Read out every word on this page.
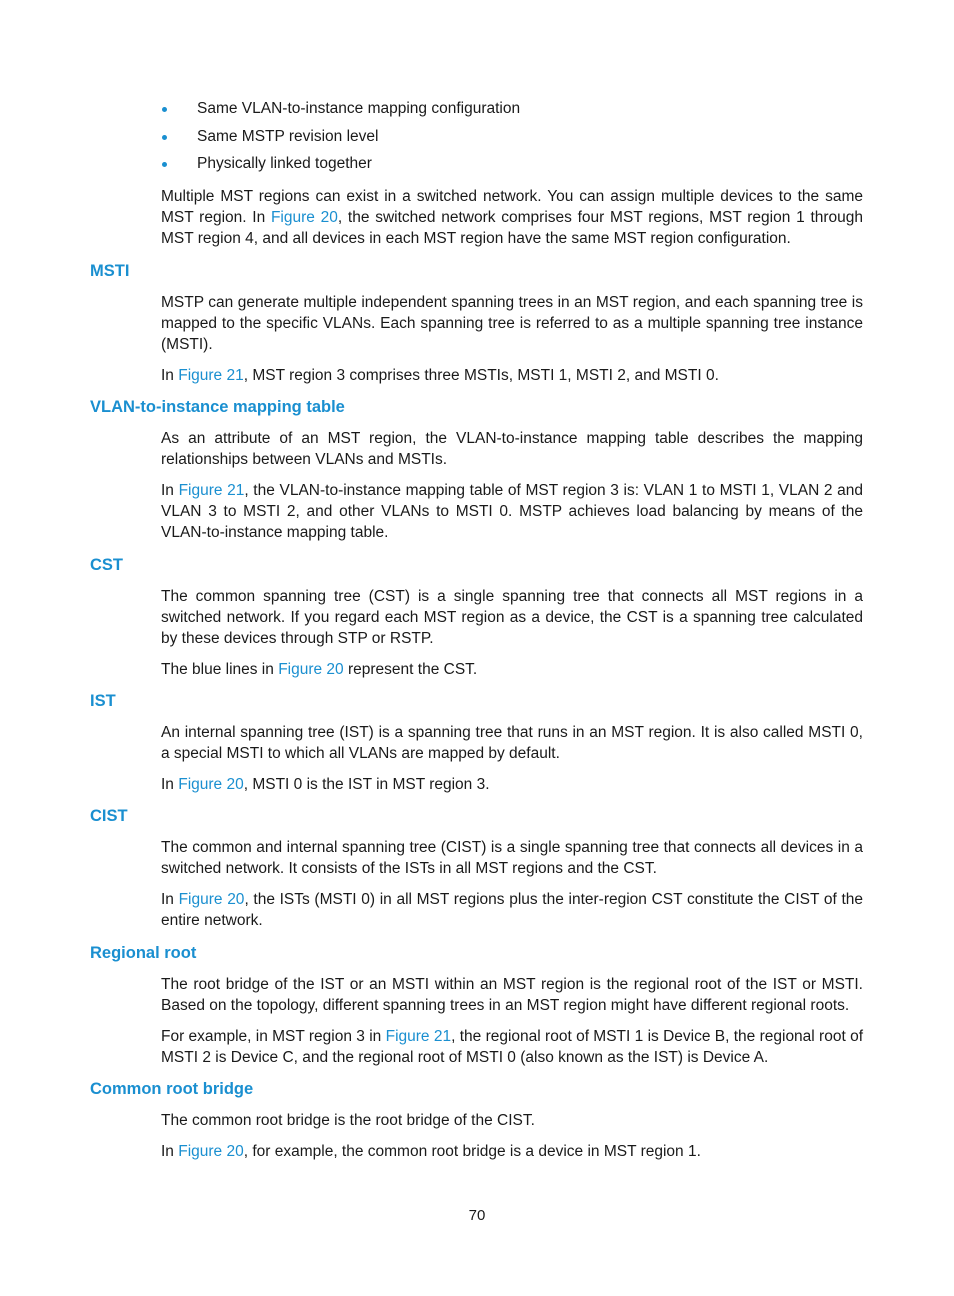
Same VLAN-to-instance mapping configuration
Same MSTP revision level
Physically linked together

Multiple MST regions can exist in a switched network. You can assign multiple devices to the same MST region. In Figure 20, the switched network comprises four MST regions, MST region 1 through MST region 4, and all devices in each MST region have the same MST region configuration.

MSTI

MSTP can generate multiple independent spanning trees in an MST region, and each spanning tree is mapped to the specific VLANs. Each spanning tree is referred to as a multiple spanning tree instance (MSTI).

In Figure 21, MST region 3 comprises three MSTIs, MSTI 1, MSTI 2, and MSTI 0.

VLAN-to-instance mapping table

As an attribute of an MST region, the VLAN-to-instance mapping table describes the mapping relationships between VLANs and MSTIs.

In Figure 21, the VLAN-to-instance mapping table of MST region 3 is: VLAN 1 to MSTI 1, VLAN 2 and VLAN 3 to MSTI 2, and other VLANs to MSTI 0. MSTP achieves load balancing by means of the VLAN-to-instance mapping table.

CST

The common spanning tree (CST) is a single spanning tree that connects all MST regions in a switched network. If you regard each MST region as a device, the CST is a spanning tree calculated by these devices through STP or RSTP.

The blue lines in Figure 20 represent the CST.

IST

An internal spanning tree (IST) is a spanning tree that runs in an MST region. It is also called MSTI 0, a special MSTI to which all VLANs are mapped by default.

In Figure 20, MSTI 0 is the IST in MST region 3.

CIST

The common and internal spanning tree (CIST) is a single spanning tree that connects all devices in a switched network. It consists of the ISTs in all MST regions and the CST.

In Figure 20, the ISTs (MSTI 0) in all MST regions plus the inter-region CST constitute the CIST of the entire network.

Regional root

The root bridge of the IST or an MSTI within an MST region is the regional root of the IST or MSTI. Based on the topology, different spanning trees in an MST region might have different regional roots.

For example, in MST region 3 in Figure 21, the regional root of MSTI 1 is Device B, the regional root of MSTI 2 is Device C, and the regional root of MSTI 0 (also known as the IST) is Device A.

Common root bridge

The common root bridge is the root bridge of the CIST.

In Figure 20, for example, the common root bridge is a device in MST region 1.

70
